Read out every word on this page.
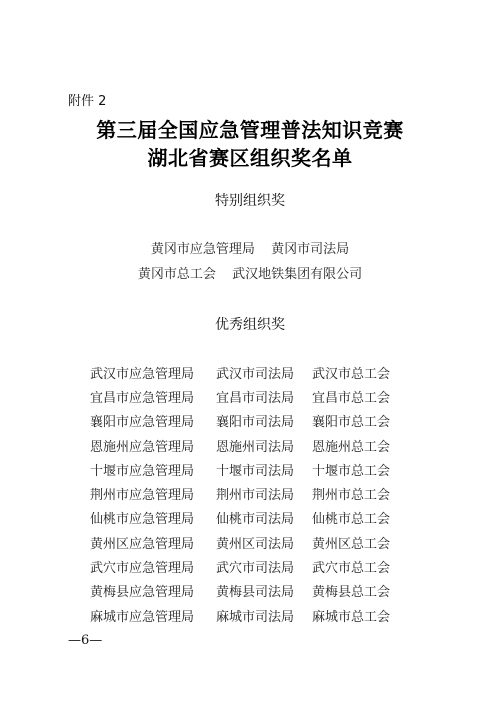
附件 2
第三届全国应急管理普法知识竞赛
湖北省赛区组织奖名单
特别组织奖
黄冈市应急管理局 黄冈市司法局
黄冈市总工会 武汉地铁集团有限公司
优秀组织奖
武汉市应急管理局	武汉市司法局	武汉市总工会
宜昌市应急管理局	宜昌市司法局	宜昌市总工会
襄阳市应急管理局	襄阳市司法局	襄阳市总工会
恩施州应急管理局	恩施州司法局	恩施州总工会
十堰市应急管理局	十堰市司法局	十堰市总工会
荆州市应急管理局	荆州市司法局	荆州市总工会
仙桃市应急管理局	仙桃市司法局	仙桃市总工会
黄州区应急管理局	黄州区司法局	黄州区总工会
武穴市应急管理局	武穴市司法局	武穴市总工会
黄梅县应急管理局	黄梅县司法局	黄梅县总工会
麻城市应急管理局	麻城市司法局	麻城市总工会
—6—
